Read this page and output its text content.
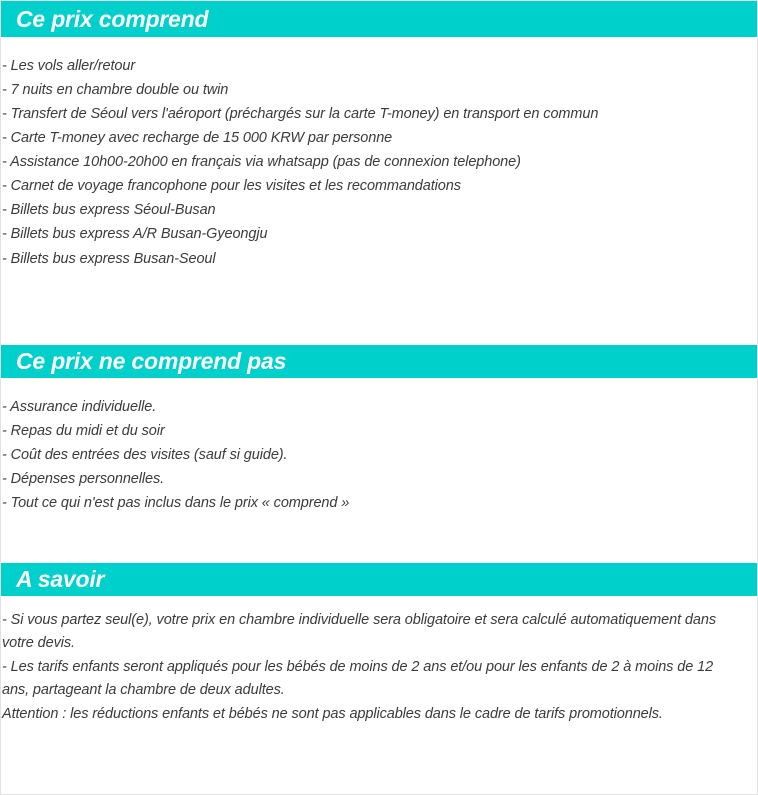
Ce prix comprend
- Les vols aller/retour
- 7 nuits en chambre double ou twin
- Transfert de Séoul vers l'aéroport (préchargés sur la carte T-money) en transport en commun
- Carte T-money avec recharge de 15 000 KRW par personne
- Assistance 10h00-20h00 en français via whatsapp (pas de connexion telephone)
- Carnet de voyage francophone pour les visites et les recommandations
- Billets bus express Séoul-Busan
- Billets bus express A/R Busan-Gyeongju
- Billets bus express Busan-Seoul
Ce prix ne comprend pas
- Assurance individuelle.
- Repas du midi et du soir
- Coût des entrées des visites (sauf si guide).
- Dépenses personnelles.
- Tout ce qui n'est pas inclus dans le prix « comprend »
A savoir
- Si vous partez seul(e), votre prix en chambre individuelle sera obligatoire et sera calculé automatiquement dans votre devis.
- Les tarifs enfants seront appliqués pour les bébés de moins de 2 ans et/ou pour les enfants de 2 à moins de 12 ans, partageant la chambre de deux adultes.
Attention : les réductions enfants et bébés ne sont pas applicables dans le cadre de tarifs promotionnels.
